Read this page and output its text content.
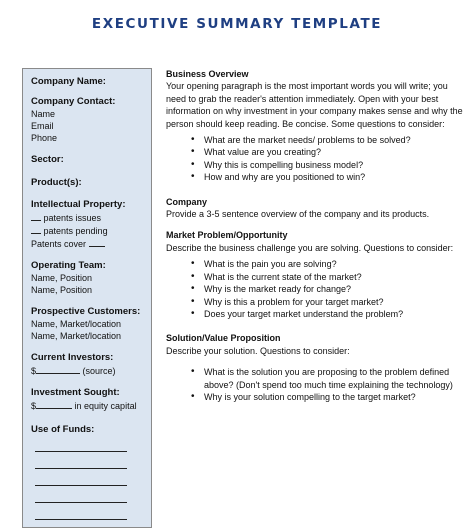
EXECUTIVE SUMMARY TEMPLATE
Company Name:
Company Contact:
Name
Email
Phone
Sector:
Product(s):
Intellectual Property:
patents issues
patents pending
Patents cover
Operating Team:
Name, Position
Name, Position
Prospective Customers:
Name, Market/location
Name, Market/location
Current Investors:
$	(source)
Investment Sought:
$	in equity capital
Use of Funds:
Business Overview

Your opening paragraph is the most important words you will write; you need to grab the reader's attention immediately. Open with your best information on why investment in your company makes sense and why the person should keep reading. Be concise. Some questions to consider:

• What are the market needs/ problems to be solved?
• What value are you creating?
• Why this is compelling business model?
• How and why are you positioned to win?
Company

Provide a 3-5 sentence overview of the company and its products.

Market Problem/Opportunity

Describe the business challenge you are solving. Questions to consider:

• What is the pain you are solving?
• What is the current state of the market?
• Why is the market ready for change?
• Why is this a problem for your target market?
• Does your target market understand the problem?
Solution/Value Proposition

Describe your solution. Questions to consider:

• What is the solution you are proposing to the problem defined above? (Don't spend too much time explaining the technology)
• Why is your solution compelling to the target market?
